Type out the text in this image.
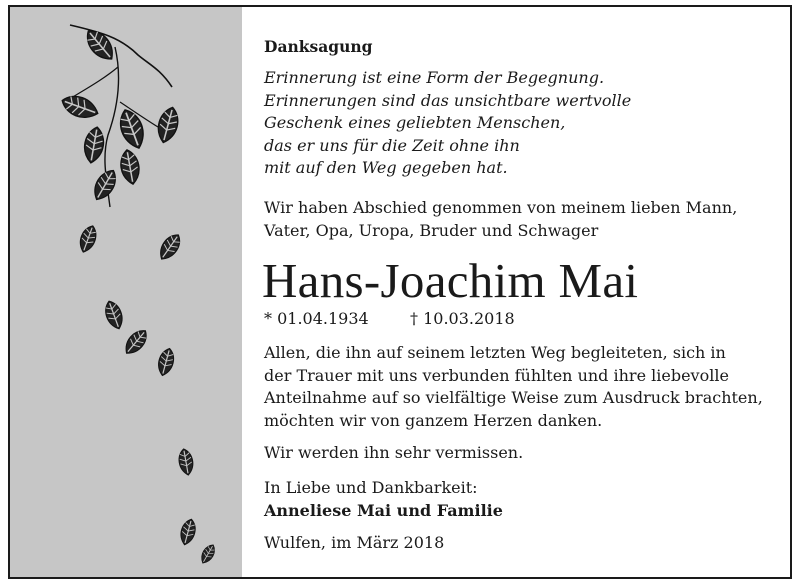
Danksagung
Erinnerung ist eine Form der Begegnung.
Erinnerungen sind das unsichtbare wertvolle
Geschenk eines geliebten Menschen,
das er uns für die Zeit ohne ihn
mit auf den Weg gegeben hat.
Wir haben Abschied genommen von meinem lieben Mann,
Vater, Opa, Uropa, Bruder und Schwager
Hans-Joachim Mai
* 01.04.1934	† 10.03.2018
Allen, die ihn auf seinem letzten Weg begleiteten, sich in
der Trauer mit uns verbunden fühlten und ihre liebevolle
Anteilnahme auf so vielfältige Weise zum Ausdruck brachten,
möchten wir von ganzem Herzen danken.
Wir werden ihn sehr vermissen.
In Liebe und Dankbarkeit:
Anneliese Mai und Familie
Wulfen, im März 2018
